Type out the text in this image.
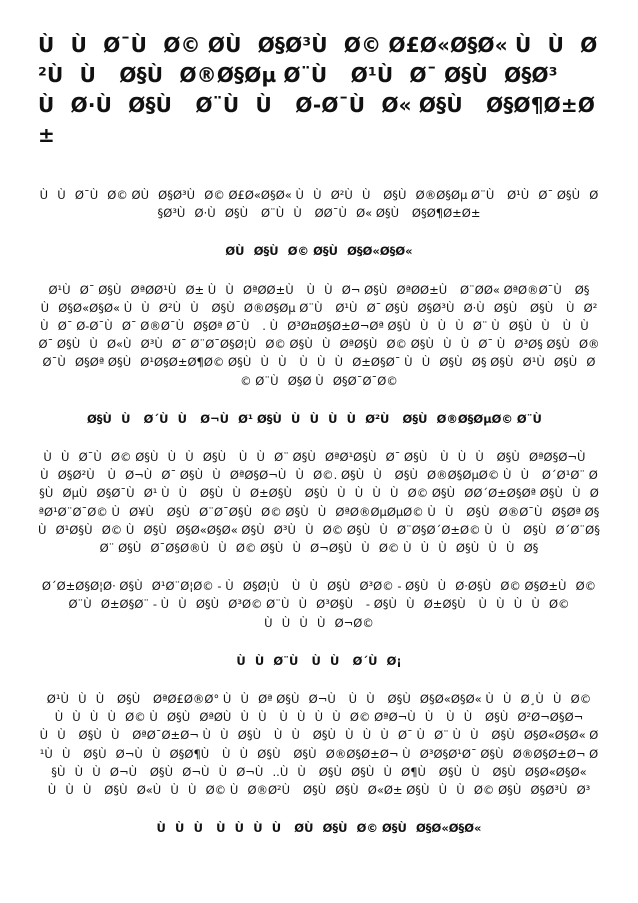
ÙÙØ¯ÙØ© ØÙØ§Ø³ÙØ© Ø£Ø«Ø§Ø« ÙÙØ²ÙÙ Ø§ÙØ®Ø§Øµ Ø¨Ù Ø¹ÙØ¯ Ø§ÙØ§Ø³ÙØ·ÙØ§Ù Ø¨ÙÙ Ø-Ø¯ÙØ« Ø§Ù Ø§Ø¶Ø±Ø±

ÙÙØ¯ÙØ© ØÙØ§Ø³ÙØ© Ø£Ø«Ø§Ø« ÙÙØ²ÙÙ Ø§ÙØ®Ø§Øµ Ø¨Ù Ø¹ÙØ¯ Ø§ÙØ§Ø³ÙØ·ÙØ§Ù Ø¨ÙÙ ØØ¯ÙØ« Ø§Ù Ø§Ø¶Ø±Ø±

ØÙØ§ÙØ© Ø§ÙØ§Ø«Ø§Ø«

Ø¹ÙØ¯ Ø§ÙØªØØ¹ÙØ± ÙÙØªØØ±Ù ÙÙØ¬ Ø§ÙØªØØ±Ù Ø¨ØØ« ØªØ®Ø¯Ù Ø§ÙØ§Ø«Ø§Ø« ÙÙØ²ÙÙ Ø§ÙØ®Ø§Øµ Ø¨Ù Ø¹ÙØ¯ Ø§ÙØ§Ø³ÙØ·ÙØ§Ù Ø§Ù ÙØ²ÙØ¯ Ø-Ø¯ÙØ¯ Ø®Ø¯ÙØ§Øª Ø¯Ù . ÙØ³Ø¤Ø§Ø±Ø¬Øª Ø§ÙÙÙÙØ¨ ÙØ§ÙÙ ÙÙØ¯ Ø§ÙÙØ«ÙØ³ÙØ¯ Ø¨Ø¯Ø§Ø¦ÙØ© Ø§ÙÙØªØ§ÙØ© Ø§ÙÙÙØ¯ ÙØ³Ø§ Ø§ÙØ®Ø¯ÙØ§Øª Ø§ÙØ¹Ø§Ø±Ø¶Ø© Ø§ÙÙÙ ÙÙÙØ±Ø§Ø¯ ÙÙØ§ÙØ§ Ø§ÙØ¹ÙØ§ÙØ© Ø¨ÙØ§Ø ÙØ§Ø¯Ø¯Ø©

Ø§ÙÙ Ø´ÙÙ Ø¬ÙØ¹ Ø§ÙÙÙÙÙØ²Ù Ø§ÙØ®Ø§ØµØ© Ø¨Ù

ÙÙØ¯ÙØ© Ø§ÙÙÙØ§Ù ÙÙØ¨ Ø§ÙØªØ¹Ø§ÙØ¯ Ø§Ù ÙÙÙ Ø§ÙØªØ§Ø¬Ù ÙØ§Ø²Ù ÙØ¬ÙØ¯ Ø§ÙÙØªØ§Ø¬ÙÙØ©. Ø§ÙÙ Ø§ÙØ®Ø§ØµØ© ÙÙ Ø´Ø¹Ø¨ Ø§ÙØµÙØ§Ø¯ÙØ¹ ÙÙ Ø§ÙÙØ±Ø§Ù Ø§ÙÙÙÙÙØ© Ø§ÙØØ´Ø±Ø§Øª Ø§ÙÙØªØ¹Ø¨Ø¯Ø© ÙØ¥Ù Ø§ÙØ¨Ø¯Ø§ÙØ© Ø§ÙÙØªØ®ØµØµØ© ÙÙ Ø§ÙØ®Ø¯ÙØ§Øª Ø§ÙØ¹Ø§ÙØ© ÙØ§ÙØ§Ø«Ø§Ø« Ø§ÙØ³ÙÙØ© Ø§ÙÙØ¨Ø§Ø´Ø±Ø© ÙÙ Ø§ÙØ´Ø¨Ø§Ø¨ Ø§ÙØ¯Ø§Ø®ÙÙØ© Ø§ÙÙØ¬Ø§ÙÙØ© ÙÙÙØ§ÙÙÙØ§

Ø´Ø±Ø§Ø¦Ø· Ø§ÙØ¹Ø¨Ø¦Ø© - ÙØ§Ø¦Ù ÙÙØ§ÙØ³Ø© - Ø§ÙÙØ·Ø§ÙØ© Ø§Ø±ÙØ© Ø¨ÙØ±Ø§Ø¨ - ÙÙØ§ÙØ³Ø© Ø¨ÙÙØ³Ø§Ù - Ø§ÙÙØ±Ø§Ù ÙÙÙÙØ© ÙÙÙÙØ¬Ø©

ÙÙØ¨Ù ÙÙ Ø´ÙØ¡

Ø¹ÙÙÙ Ø§Ù ØªØ£Ø®Ø° ÙÙØª Ø§ÙØ¬Ù ÙÙ Ø§ÙØ§Ø«Ø§Ø« ÙÙØ¸ÙÙØ© ÙÙÙÙØ© ÙØ§ÙØªØÙÙÙ ÙÙÙÙØ© ØªØ¬ÙÙ ÙÙ Ø§ÙØ²Ø¬Ø§Ø¬ ÙÙ Ø§ÙÙ ØªØ¯Ø±Ø¬ ÙÙØ§Ù ÙÙ Ø§ÙÙÙÙØ¯ ÙØ¨ ÙÙ Ø§ÙØ§Ø«Ø§Ø« Ø¹ÙÙ Ø§ÙØ¬ÙÙØ§Ø¶Ù ÙÙØ§Ù Ø§ÙØ®Ø§Ø±Ø¬ ÙØ³Ø§Ø¹Ø¯ Ø§ÙØ®Ø§Ø±Ø¬ Ø§ÙÙÙØ¬Ù Ø§ÙØ¬ÙÙØ¬Ù..ÙÙ Ø§ÙØ§ÙÙØ¶Ù Ø§ÙÙ Ø§ÙØ§Ø«Ø§Ø« ÙÙÙ Ø§ÙØ«ÙÙÙØ© ÙØ®Ø²Ù Ø§ÙØ§ÙØ«Ø± Ø§ÙÙÙØ© Ø§ÙØ§Ø³ÙØ³

ÙÙÙ ÙÙÙÙ ØÙØ§ÙØ© Ø§ÙØ§Ø«Ø§Ø«
